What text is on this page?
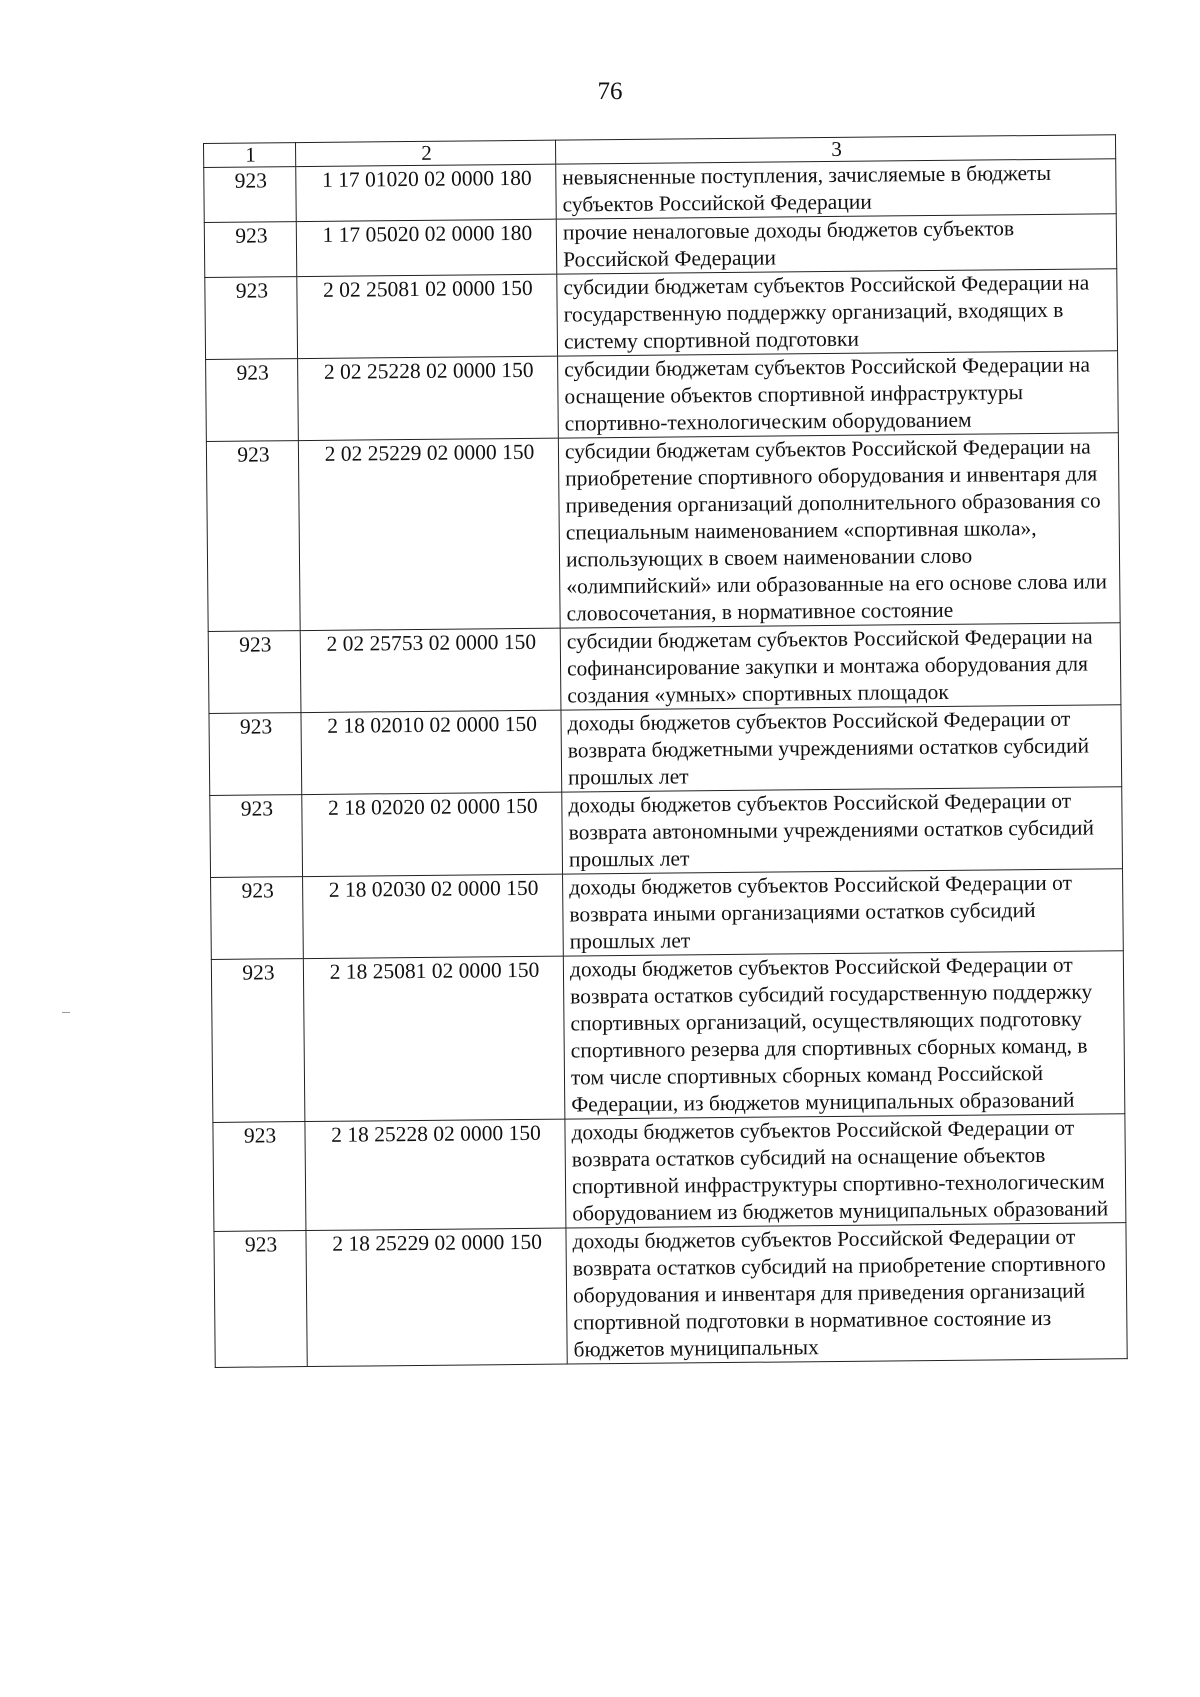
76
1	2	3
923	1 17 01020 02 0000 180	невыясненные поступления, зачисляемые в бюджеты субъектов Российской Федерации
923	1 17 05020 02 0000 180	прочие неналоговые доходы бюджетов субъектов Российской Федерации
923	2 02 25081 02 0000 150	субсидии бюджетам субъектов Российской Федерации на государственную поддержку организаций, входящих в систему спортивной подготовки
923	2 02 25228 02 0000 150	субсидии бюджетам субъектов Российской Федерации на оснащение объектов спортивной инфраструктуры спортивно-технологическим оборудованием
923	2 02 25229 02 0000 150	субсидии бюджетам субъектов Российской Федерации на приобретение спортивного оборудования и инвентаря для приведения организаций дополнительного образования со специальным наименованием «спортивная школа», использующих в своем наименовании слово «олимпийский» или образованные на его основе слова или словосочетания, в нормативное состояние
923	2 02 25753 02 0000 150	субсидии бюджетам субъектов Российской Федерации на софинансирование закупки и монтажа оборудования для создания «умных» спортивных площадок
923	2 18 02010 02 0000 150	доходы бюджетов субъектов Российской Федерации от возврата бюджетными учреждениями остатков субсидий прошлых лет
923	2 18 02020 02 0000 150	доходы бюджетов субъектов Российской Федерации от возврата автономными учреждениями остатков субсидий прошлых лет
923	2 18 02030 02 0000 150	доходы бюджетов субъектов Российской Федерации от возврата иными организациями остатков субсидий прошлых лет
923	2 18 25081 02 0000 150	доходы бюджетов субъектов Российской Федерации от возврата остатков субсидий государственную поддержку спортивных организаций, осуществляющих подготовку спортивного резерва для спортивных сборных команд, в том числе спортивных сборных команд Российской Федерации, из бюджетов муниципальных образований
923	2 18 25228 02 0000 150	доходы бюджетов субъектов Российской Федерации от возврата остатков субсидий на оснащение объектов спортивной инфраструктуры спортивно-технологическим оборудованием из бюджетов муниципальных образований
923	2 18 25229 02 0000 150	доходы бюджетов субъектов Российской Федерации от возврата остатков субсидий на приобретение спортивного оборудования и инвентаря для приведения организаций спортивной подготовки в нормативное состояние из бюджетов муниципальных
